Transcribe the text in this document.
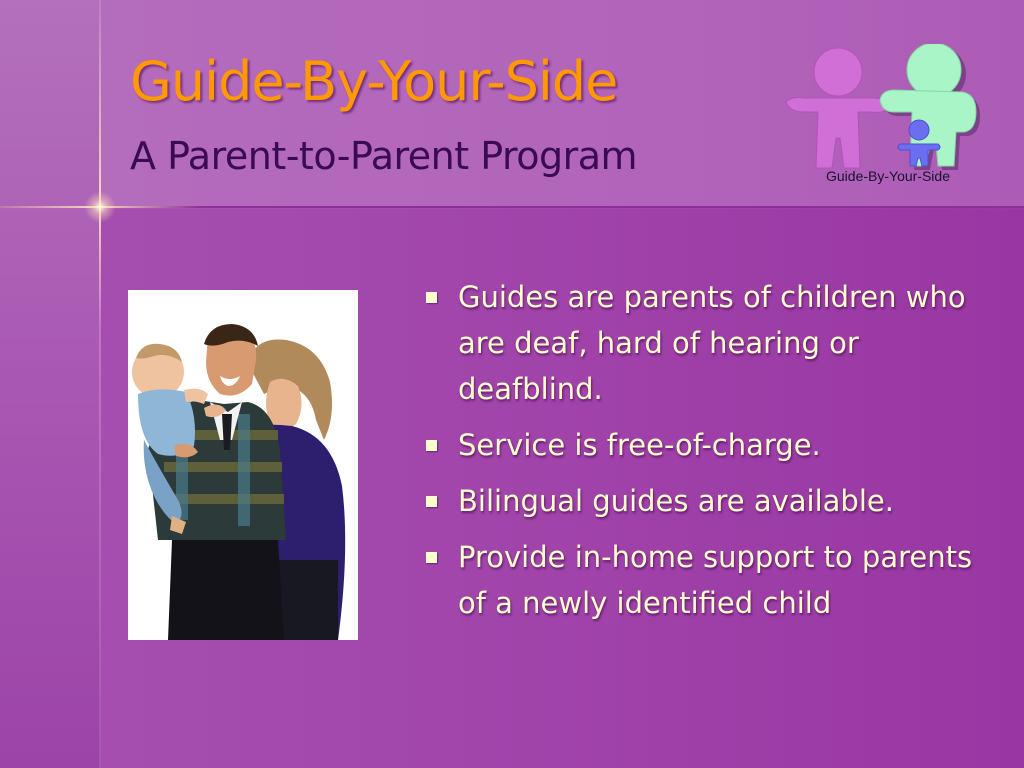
Guide-By-Your-Side
A Parent-to-Parent Program	Guide-By-Your-Side
Guides are parents of children who are deaf, hard of hearing or deafblind.
Service is free-of-charge.
Bilingual guides are available.
Provide in-home support to parents of a newly identified child
